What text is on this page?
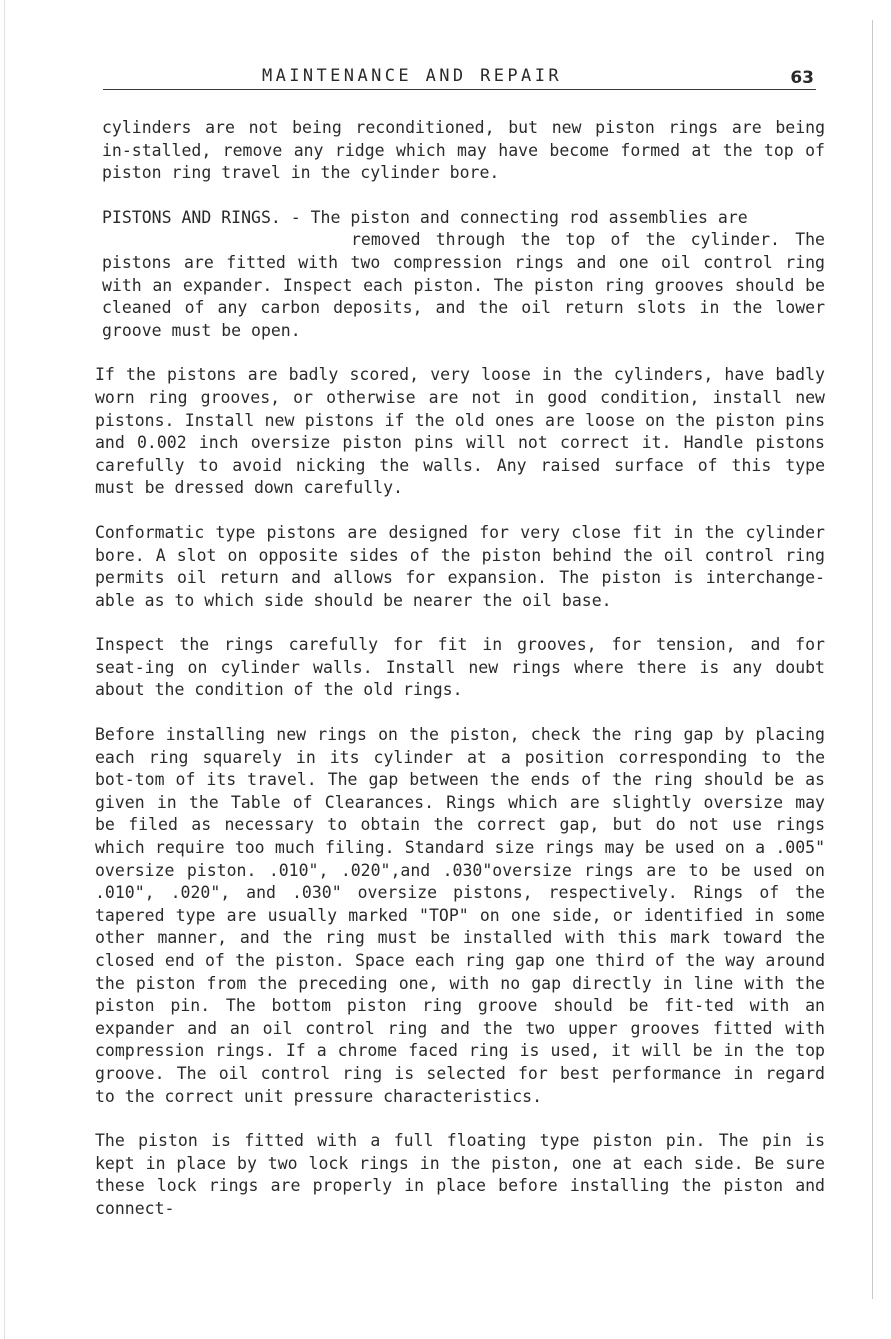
MAINTENANCE AND REPAIR	63

cylinders are not being reconditioned, but new piston rings are being in-stalled, remove any ridge which may have become formed at the top of piston ring travel in the cylinder bore.

PISTONS AND RINGS. - The piston and connecting rod assemblies are
removed through the top of the cylinder. The pistons are fitted with two compression rings and one oil control ring with an expander. Inspect each piston. The piston ring grooves should be cleaned of any carbon deposits, and the oil return slots in the lower groove must be open.

If the pistons are badly scored, very loose in the cylinders, have badly worn ring grooves, or otherwise are not in good condition, install new pistons. Install new pistons if the old ones are loose on the piston pins and 0.002 inch oversize piston pins will not correct it. Handle pistons carefully to avoid nicking the walls. Any raised surface of this type must be dressed down carefully.

Conformatic type pistons are designed for very close fit in the cylinder bore. A slot on opposite sides of the piston behind the oil control ring permits oil return and allows for expansion. The piston is interchange-able as to which side should be nearer the oil base.

Inspect the rings carefully for fit in grooves, for tension, and for seat-ing on cylinder walls. Install new rings where there is any doubt about the condition of the old rings.

Before installing new rings on the piston, check the ring gap by placing each ring squarely in its cylinder at a position corresponding to the bot-tom of its travel. The gap between the ends of the ring should be as given in the Table of Clearances. Rings which are slightly oversize may be filed as necessary to obtain the correct gap, but do not use rings which require too much filing. Standard size rings may be used on a .005" oversize piston. .010", .020",and .030"oversize rings are to be used on .010", .020", and .030" oversize pistons, respectively. Rings of the tapered type are usually marked "TOP" on one side, or identified in some other manner, and the ring must be installed with this mark toward the closed end of the piston. Space each ring gap one third of the way around the piston from the preceding one, with no gap directly in line with the piston pin. The bottom piston ring groove should be fit-ted with an expander and an oil control ring and the two upper grooves fitted with compression rings. If a chrome faced ring is used, it will be in the top groove. The oil control ring is selected for best performance in regard to the correct unit pressure characteristics.

The piston is fitted with a full floating type piston pin. The pin is kept in place by two lock rings in the piston, one at each side. Be sure these lock rings are properly in place before installing the piston and connect-
